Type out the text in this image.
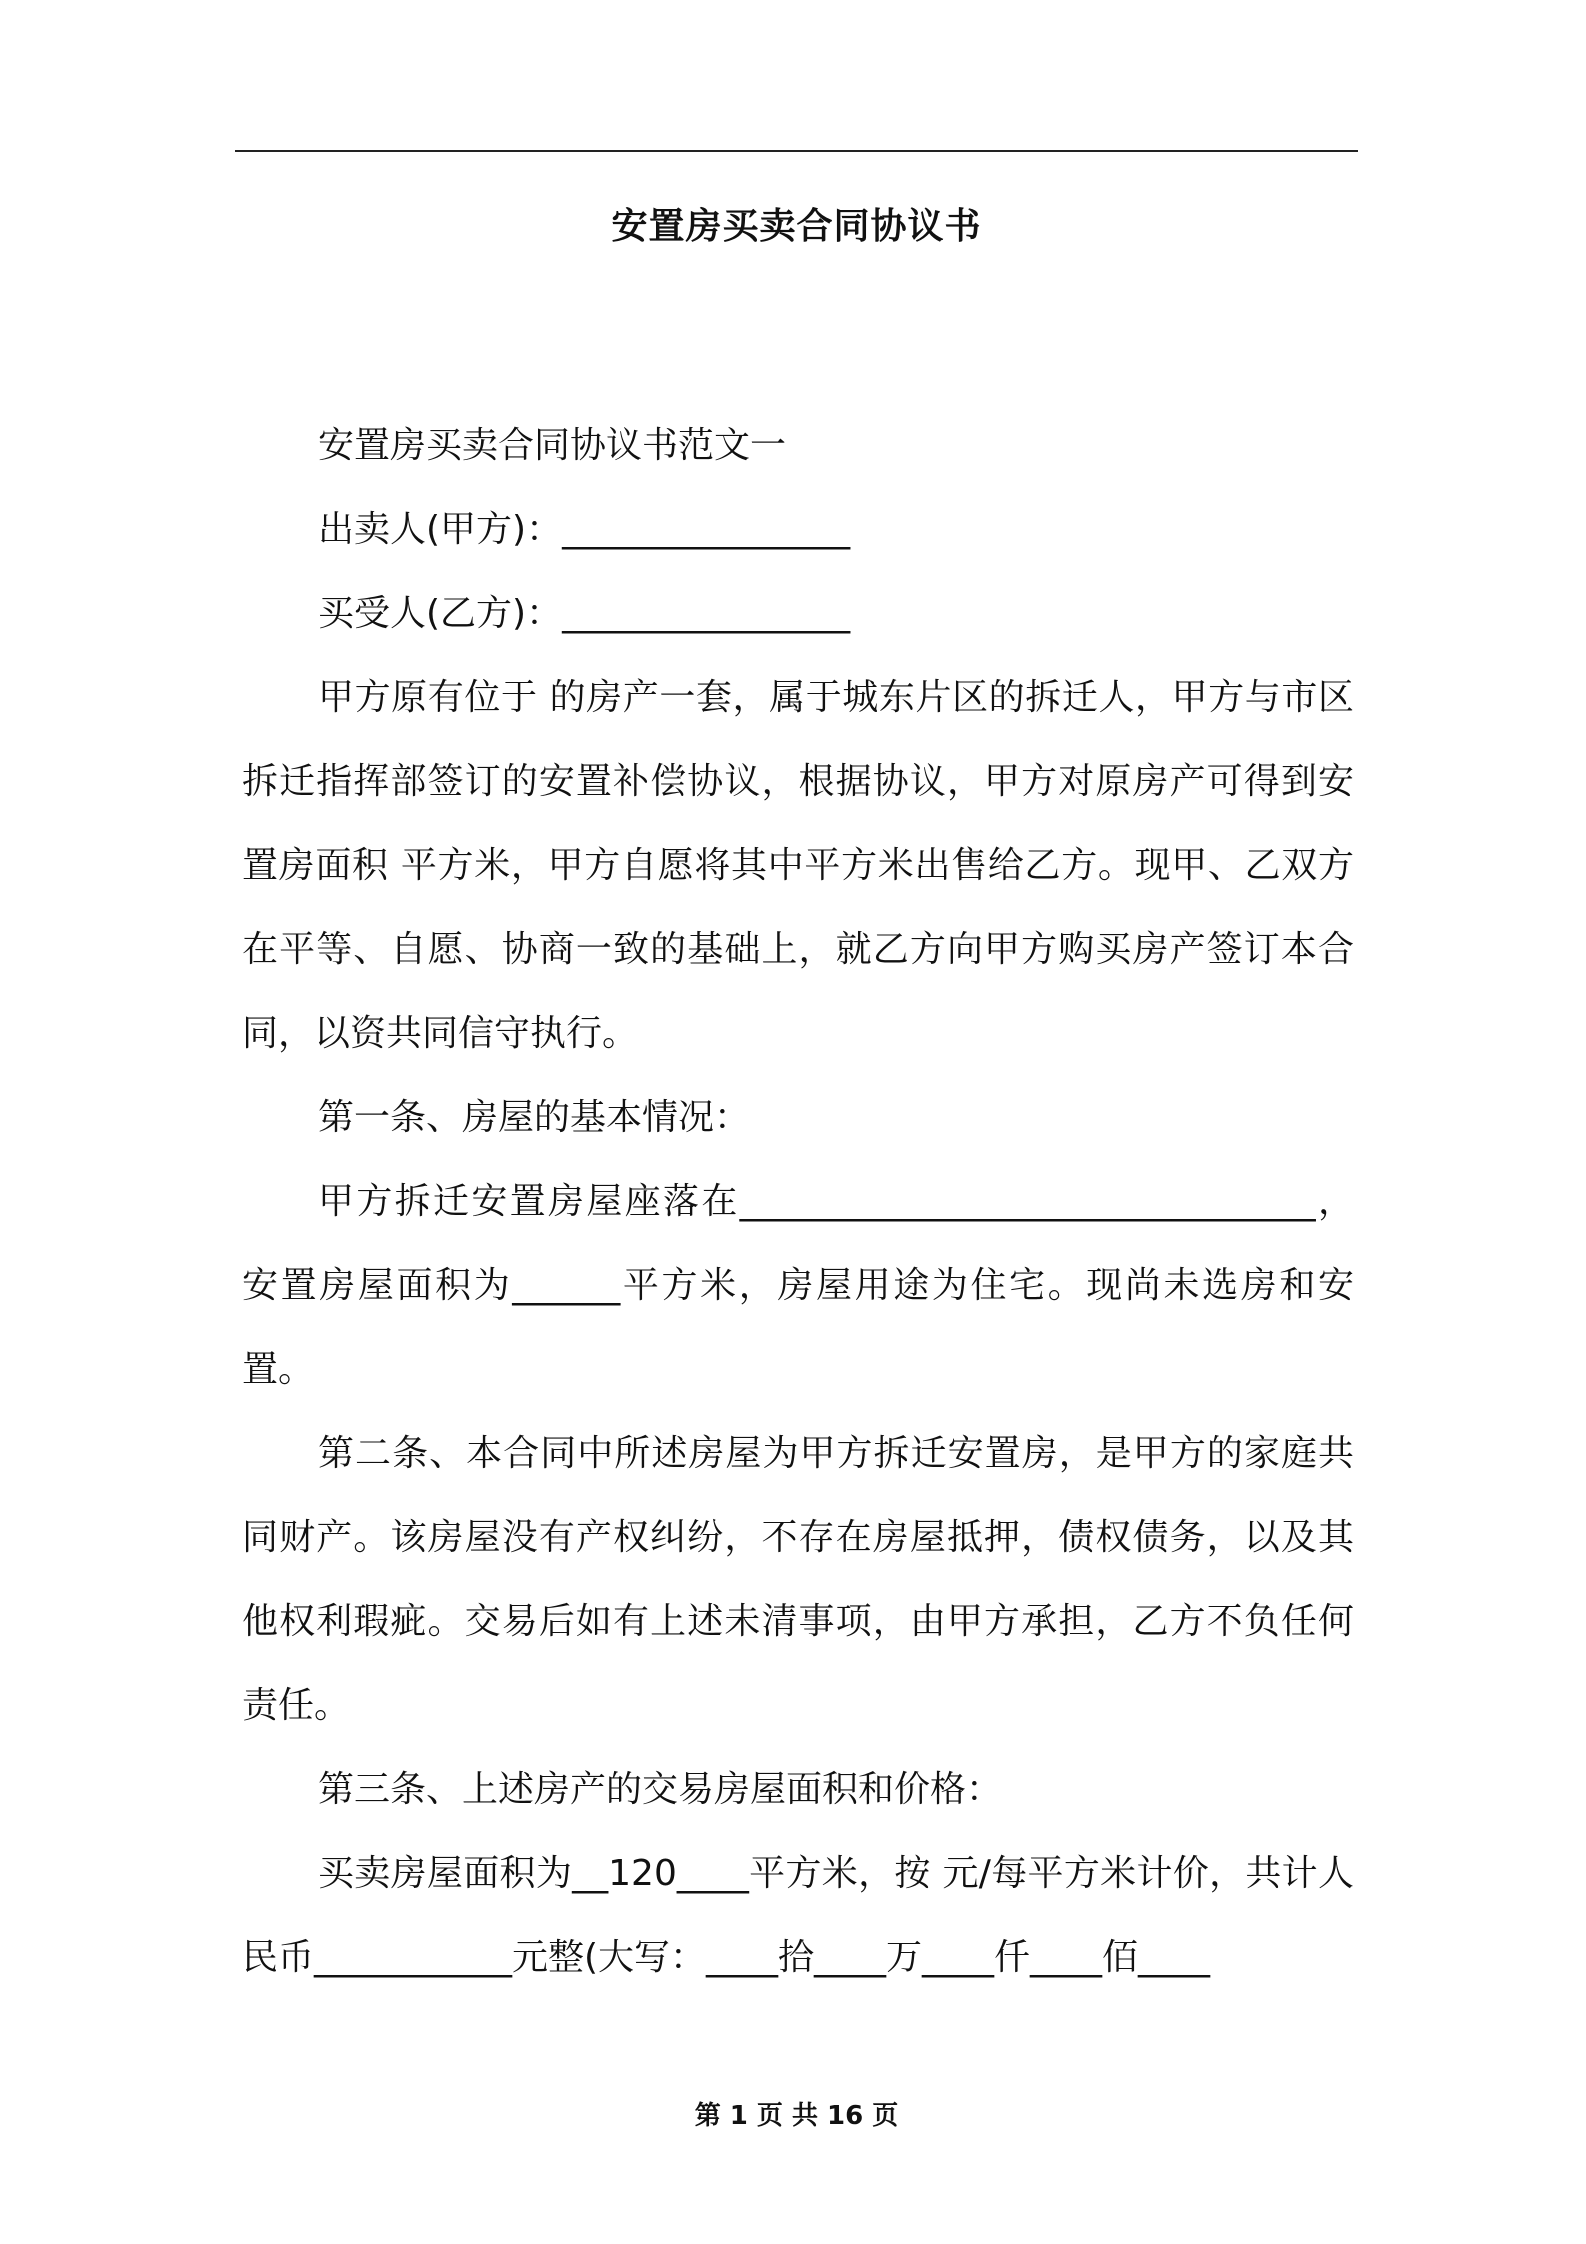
安置房买卖合同协议书

安置房买卖合同协议书范文一

出卖人(甲方)：________________

买受人(乙方)：________________

甲方原有位于 的房产一套，属于城东片区的拆迁人，甲方与市区拆迁指挥部签订的安置补偿协议，根据协议，甲方对原房产可得到安置房面积 平方米，甲方自愿将其中平方米出售给乙方。现甲、乙双方在平等、自愿、协商一致的基础上，就乙方向甲方购买房产签订本合同，以资共同信守执行。

第一条、房屋的基本情况：

甲方拆迁安置房屋座落在________________________________，安置房屋面积为______平方米，房屋用途为住宅。现尚未选房和安置。

第二条、本合同中所述房屋为甲方拆迁安置房，是甲方的家庭共同财产。该房屋没有产权纠纷，不存在房屋抵押，债权债务，以及其他权利瑕疵。交易后如有上述未清事项，由甲方承担，乙方不负任何责任。

第三条、上述房产的交易房屋面积和价格：

买卖房屋面积为__120____平方米，按 元/每平方米计价，共计人民币___________元整(大写：____拾____万____仟____佰____

第 1 页 共 16 页
